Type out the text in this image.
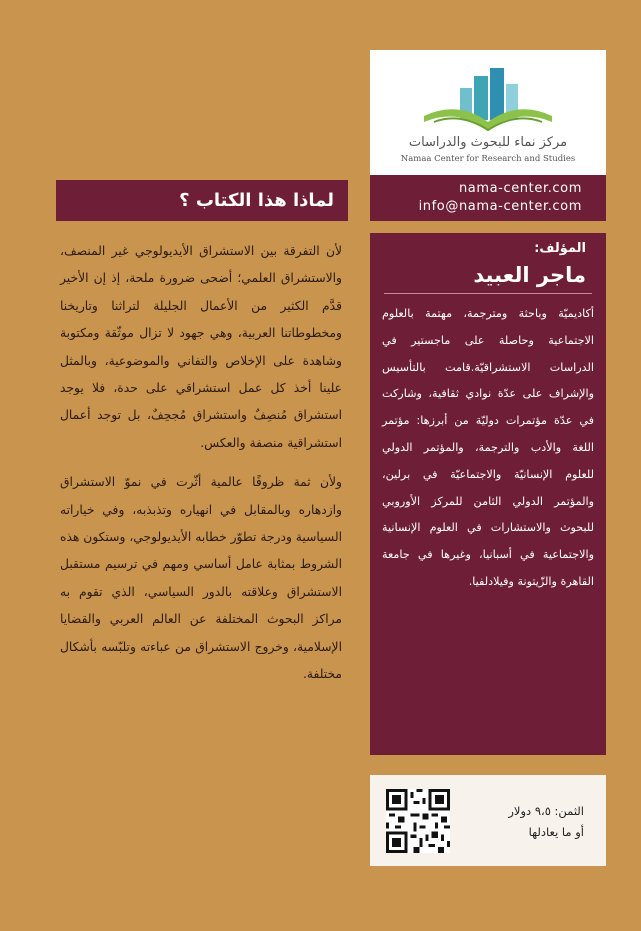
لماذا هذا الكتاب ؟

لأن التفرقة بين الاستشراق الأيديولوجي غير المنصف، والاستشراق العلمي؛ أضحى ضرورة ملحة، إذ إن الأخير قدَّم الكثير من الأعمال الجليلة لتراثنا وتاريخنا ومخطوطاتنا العربية، وهي جهود لا تزال موثّقة ومكتوبة وشاهدة على الإخلاص والتفاني والموضوعية، وبالمثل علينا أخذ كل عمل استشراقي على حدة، فلا يوجد استشراق مُنصِفٌ واستشراق مُجحِفٌ، بل توجد أعمال استشراقية منصفة والعكس.

ولأن ثمة ظروفًا عالمية أثّرت في نموّ الاستشراق وازدهاره وبالمقابل في انهياره وتذبذبه، وفي خياراته السياسية ودرجة تطوّر خطابه الأيديولوجي، وستكون هذه الشروط بمثابة عامل أساسي ومهم في ترسيم مستقبل الاستشراق وعلاقته بالدور السياسي، الذي تقوم به مراكز البحوث المختلفة عن العالم العربي والقضايا الإسلامية، وخروج الاستشراق من عباءته وتلبّسه بأشكال مختلفة.

مركز نماء للبحوث والدراسات
Namaa Center for Research and Studies
nama-center.com
info@nama-center.com
المؤلف:
ماجر العبيد
أكاديميّة وباحثة ومترجمة، مهتمة بالعلوم الاجتماعية وحاصلة على ماجستير في الدراسات الاستشراقيّة.قامت بالتأسيس والإشراف على عدّة نوادي ثقافية، وشاركت في عدّة مؤتمرات دوليّة من أبرزها: مؤتمر اللغة والأدب والترجمة، والمؤتمر الدولي للعلوم الإنسانيّة والاجتماعيّة في برلين، والمؤتمر الدولي الثامن للمركز الأوروبي للبحوث والاستشارات في العلوم الإنسانية والاجتماعية في أسبانيا، وغيرها في جامعة القاهرة والزّيتونة وفيلادلفيا.
الثمن: ٩،٥ دولار
أو ما يعادلها
